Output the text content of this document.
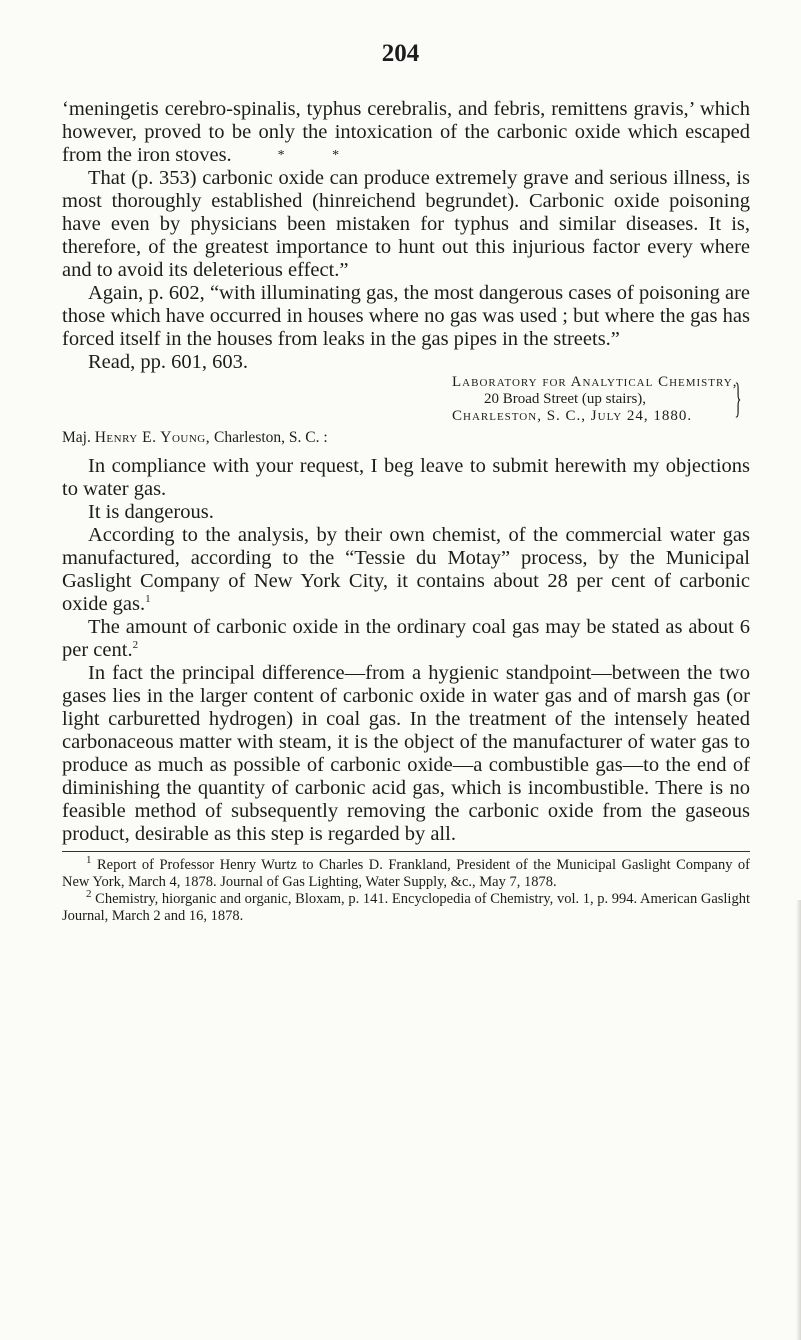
204

‘meningetis cerebro-spinalis, typhus cerebralis, and febris, remittens gravis,’ which however, proved to be only the intoxication of the carbonic oxide which escaped from the iron stoves.	* *

That (p. 353) carbonic oxide can produce extremely grave and serious illness, is most thoroughly established (hinreichend begrundet). Carbonic oxide poisoning have even by physicians been mistaken for typhus and similar diseases. It is, therefore, of the greatest importance to hunt out this injurious factor every where and to avoid its deleterious effect.”

Again, p. 602, “with illuminating gas, the most dangerous cases of poisoning are those which have occurred in houses where no gas was used ; but where the gas has forced itself in the houses from leaks in the gas pipes in the streets.”

Read, pp. 601, 603.

Laboratory for Analytical Chemistry,
20 Broad Street (up stairs),
Charleston, S. C., July 24, 1880.	}
Maj. Henry E. Young, Charleston, S. C. :

In compliance with your request, I beg leave to submit herewith my objections to water gas.

It is dangerous.

According to the analysis, by their own chemist, of the commercial water gas manufactured, according to the “Tessie du Motay” process, by the Municipal Gaslight Company of New York City, it contains about 28 per cent of carbonic oxide gas.$^1$

The amount of carbonic oxide in the ordinary coal gas may be stated as about 6 per cent.$^2$

In fact the principal difference—from a hygienic standpoint—between the two gases lies in the larger content of carbonic oxide in water gas and of marsh gas (or light carburetted hydrogen) in coal gas. In the treatment of the intensely heated carbonaceous matter with steam, it is the object of the manufacturer of water gas to produce as much as possible of carbonic oxide—a combustible gas—to the end of diminishing the quantity of carbonic acid gas, which is incombustible. There is no feasible method of subsequently removing the carbonic oxide from the gaseous product, desirable as this step is regarded by all.

$^1$ Report of Professor Henry Wurtz to Charles D. Frankland, President of the Municipal Gaslight Company of New York, March 4, 1878. Journal of Gas Lighting, Water Supply, &c., May 7, 1878.

$^2$ Chemistry, hiorganic and organic, Bloxam, p. 141. Encyclopedia of Chemistry, vol. 1, p. 994. American Gaslight Journal, March 2 and 16, 1878.
